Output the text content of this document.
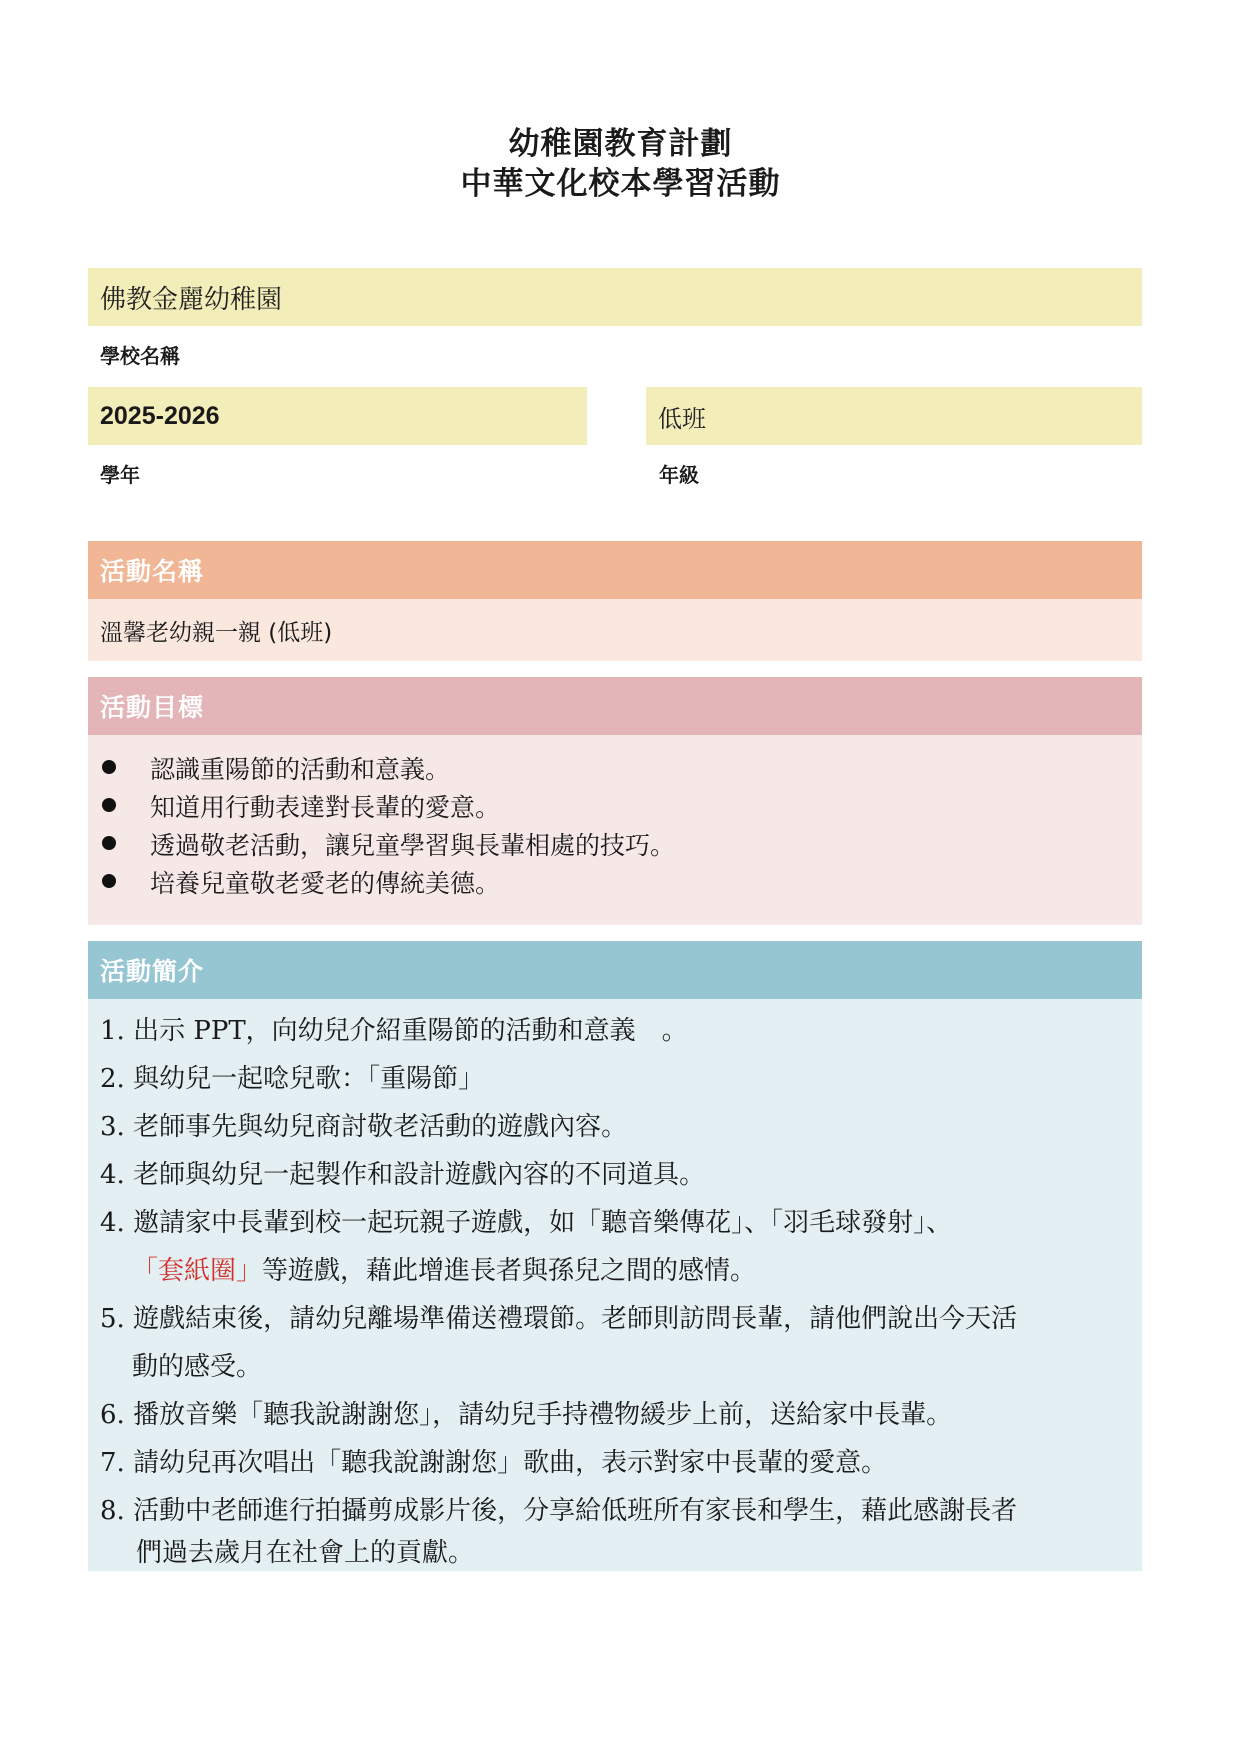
幼稚園教育計劃
中華文化校本學習活動
佛教金麗幼稚園
學校名稱
2025-2026
學年
低班
年級
活動名稱
溫馨老幼親一親 (低班)
活動目標
認識重陽節的活動和意義。
知道用行動表達對長輩的愛意。
透過敬老活動，讓兒童學習與長輩相處的技巧。
培養兒童敬老愛老的傳統美德。
活動簡介
1. 出示 PPT，向幼兒介紹重陽節的活動和意義　。
2. 與幼兒一起唸兒歌：「重陽節」
3. 老師事先與幼兒商討敬老活動的遊戲內容。
4. 老師與幼兒一起製作和設計遊戲內容的不同道具。
4. 邀請家中長輩到校一起玩親子遊戲，如「聽音樂傳花」、「羽毛球發射」、
「套紙圈」等遊戲，藉此增進長者與孫兒之間的感情。
5. 遊戲結束後，請幼兒離場準備送禮環節。老師則訪問長輩，請他們說出今天活
動的感受。
6. 播放音樂「聽我說謝謝您」，請幼兒手持禮物緩步上前，送給家中長輩。
7. 請幼兒再次唱出「聽我說謝謝您」歌曲，表示對家中長輩的愛意。
8. 活動中老師進行拍攝剪成影片後，分享給低班所有家長和學生，藉此感謝長者
們過去歲月在社會上的貢獻。
